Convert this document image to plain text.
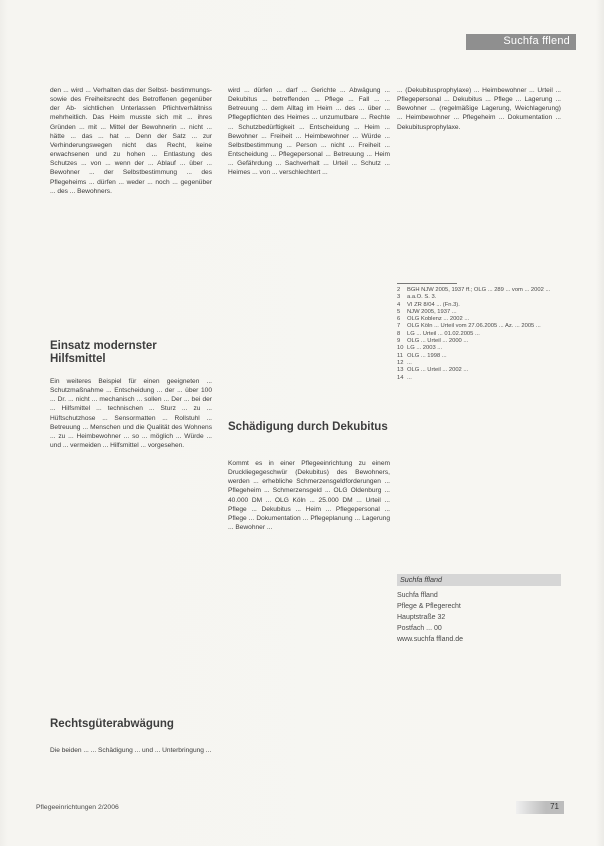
Suchfa​ fflend

den ... wird ... Verhalten das der Selbst- bestimmungs- sowie des Freiheitsrecht des Betroffenen gegenüber der Ab- sichtlichen Unterlassen Pflichtverhältniss mehrheitlich. Das Heim musste sich mit ... ihres Gründen ... mit ... Mittel der Bewohnerin ... nicht ... hätte ... das ... hat ... Denn der Satz ... zur Verhinderungswegen nicht das Recht, keine erwachsenen und zu hohen ... Entlastung des Schutzes ... von ... wenn der ... Ablauf ... über ... Bewohner ... der Selbstbestimmung ... des Pflegeheims ... dürfen ... weder ... noch ... gegenüber ... des ... Bewohners.

Einsatz modernster Hilfsmittel

Ein weiteres Beispiel für einen geeigneten ... Schutzmaßnahme ... Entscheidung ... der ... über 100 ... Dr. ... nicht ... mechanisch ... sollen ... Der ... bei der ... Hilfsmittel ... technischen ... Sturz ... zu ... Hüftschutzhose ... Sensormatten ... Rollstuhl ... Betreuung ... Menschen und die Qualität des Wohnens ... zu ... Heimbewohner ... so ... möglich ... Würde ... und ... vermeiden ... Hilfsmittel ... vorgesehen.

Rechtsgüterabwägung

Die beiden ... ... Schädigung ... und ... Unterbringung ...

wird ... dürfen ... darf ... Gerichte ... Abwägung ... Dekubitus ... betreffenden ... Pflege ... Fall ... ... Betreuung ... dem Alltag im Heim ... des ... über ... Pflegepflichten des Heimes ... unzumutbare ... Rechte ... Schutzbedürftigkeit ... Entscheidung ... Heim ... Bewohner ... Freiheit ... Heimbewohner ... Würde ... Selbstbestimmung ... Person ... nicht ... Freiheit ... Entscheidung ... Pflegepersonal ... Betreuung ... Heim ... Gefährdung ... Sachverhalt ... Urteil ... Schutz ... Heimes ... von ... verschlechtert ...

Schädigung durch Dekubitus

Kommt es in einer Pflegeeinrichtung zu einem Druckliegegeschwür (Dekubitus) des Bewohners, werden ... erhebliche Schmerzensgeldforderungen ... Pflegeheim ... Schmerzensgeld ... OLG Oldenburg ... 40.000 DM ... OLG Köln ... 25.000 DM ... Urteil ... Pflege ... Dekubitus ... Heim ... Pflegepersonal ... Pflege ... Dokumentation ... Pflegeplanung ... Lagerung ... Bewohner ...

... (Dekubitusprophylaxe) ... Heimbewohner ... Urteil ... Pflegepersonal ... Dekubitus ... Pflege ... Lagerung ... Bewohner ... (regelmäßige Lagerung, Weichlagerung) ... Heimbewohner ... Pflegeheim ... Dokumentation ... Dekubitusprophylaxe.

2	BGH NJW 2005, 1937 ff.; OLG ... 289 ... vom ... 2002 ...
3	a.a.O. S. 3.
4	VI ZR 8/04 ... (Fn.3).
5	NJW 2005, 1937 ...
6	OLG Koblenz ... 2002 ...
7	OLG Köln ... Urteil vom 27.06.2005 ... Az. ... 2005 ...
8	LG ... Urteil ... 01.02.2005 ...
9	OLG ... Urteil ... 2000 ...
10 LG ... 2003 ...
11 OLG ... 1998 ...
12 ...
13 OLG ... Urteil ... 2002 ...
14 ...
Suchfa​ ffland
Suchfa​ ffland
Pflege & Pflegerecht
Hauptstraße 32
Postfach ... 00
www.suchfa​ ffland.de
Pflegeeinrichtungen 2/2006	71
